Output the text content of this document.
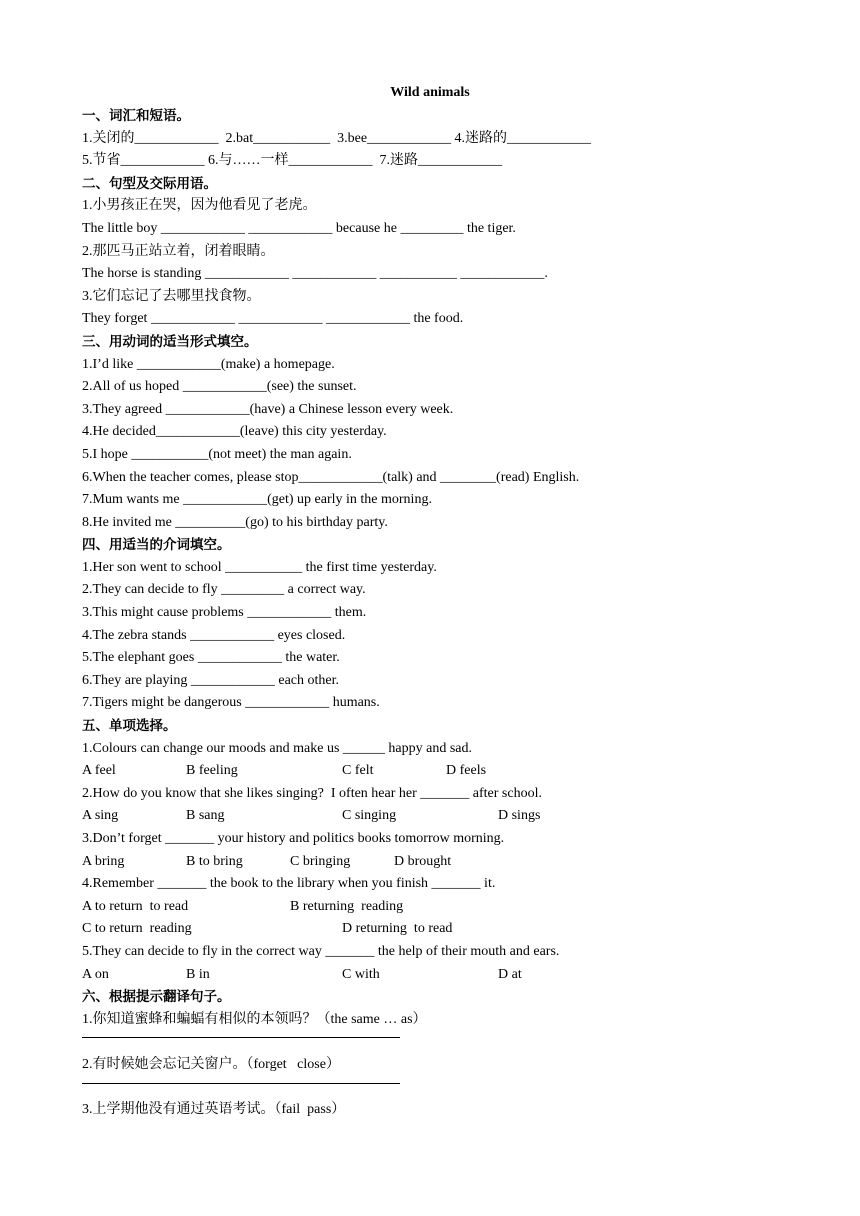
Wild animals
一、词汇和短语。
1.关闭的____________  2.bat___________  3.bee____________ 4.迷路的____________
5.节省____________ 6.与……一样____________  7.迷路____________
二、句型及交际用语。
1.小男孩正在哭，因为他看见了老虎。
The little boy ____________ ____________ because he _________ the tiger.
2.那匹马正站立着，闭着眼睛。
The horse is standing ____________ ____________ ___________ ____________.
3.它们忘记了去哪里找食物。
They forget ____________ ____________ ____________ the food.
三、用动词的适当形式填空。
1.I’d like ____________(make) a homepage.
2.All of us hoped ____________(see) the sunset.
3.They agreed ____________(have) a Chinese lesson every week.
4.He decided____________(leave) this city yesterday.
5.I hope ___________(not meet) the man again.
6.When the teacher comes, please stop____________(talk) and ________(read) English.
7.Mum wants me ____________(get) up early in the morning.
8.He invited me __________(go) to his birthday party.
四、用适当的介词填空。
1.Her son went to school ___________ the first time yesterday.
2.They can decide to fly _________ a correct way.
3.This might cause problems ____________ them.
4.The zebra stands ____________ eyes closed.
5.The elephant goes ____________ the water.
6.They are playing ____________ each other.
7.Tigers might be dangerous ____________ humans.
五、单项选择。
1.Colours can change our moods and make us ______ happy and sad.
A feel	B feeling	C felt	D feels
2.How do you know that she likes singing?  I often hear her _______ after school.
A sing	B sang	C singing	D sings
3.Don’t forget _______ your history and politics books tomorrow morning.
A bring	B to bring	C bringing	D brought
4.Remember _______ the book to the library when you finish _______ it.
A to return  to read	B returning  reading
C to return  reading	D returning  to read
5.They can decide to fly in the correct way _______ the help of their mouth and ears.
A on	B in	C with	D at
六、根据提示翻译句子。
1.你知道蜜蜂和蝙蝠有相似的本领吗？（the same … as）
2.有时候她会忘记关窗户。（forget   close）
3.上学期他没有通过英语考试。（fail  pass）
